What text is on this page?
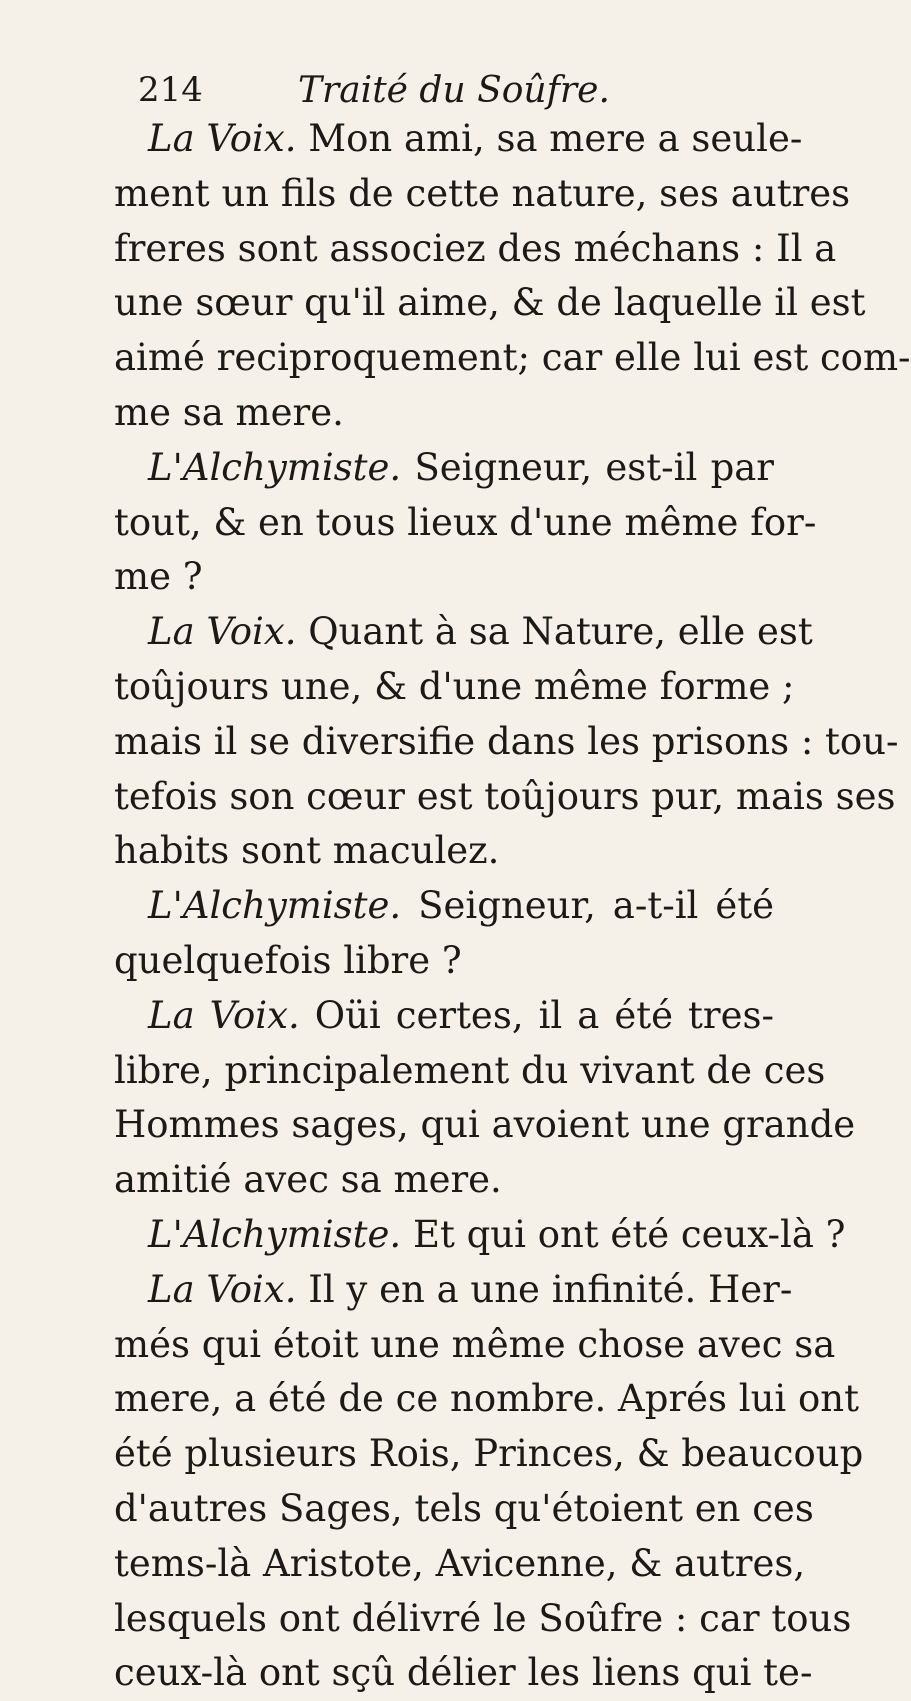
214	Traité du Soûfre.
La Voix. Mon ami, sa mere a seule-
ment un fils de cette nature, ses autres
freres sont associez des méchans : Il a
une sœur qu'il aime, & de laquelle il est
aimé reciproquement; car elle lui est com-
me sa mere.
L'Alchymiste. Seigneur, est-il par
tout, & en tous lieux d'une même for-
me ?
La Voix. Quant à sa Nature, elle est
toûjours une, & d'une même forme ;
mais il se diversifie dans les prisons : tou-
tefois son cœur est toûjours pur, mais ses
habits sont maculez.
L'Alchymiste. Seigneur, a-t-il été
quelquefois libre ?
La Voix. Oüi certes, il a été tres-
libre, principalement du vivant de ces
Hommes sages, qui avoient une grande
amitié avec sa mere.
L'Alchymiste. Et qui ont été ceux-là ?
La Voix. Il y en a une infinité. Her-
més qui étoit une même chose avec sa
mere, a été de ce nombre. Aprés lui ont
été plusieurs Rois, Princes, & beaucoup
d'autres Sages, tels qu'étoient en ces
tems-là Aristote, Avicenne, & autres,
lesquels ont délivré le Soûfre : car tous
ceux-là ont sçû délier les liens qui te-
